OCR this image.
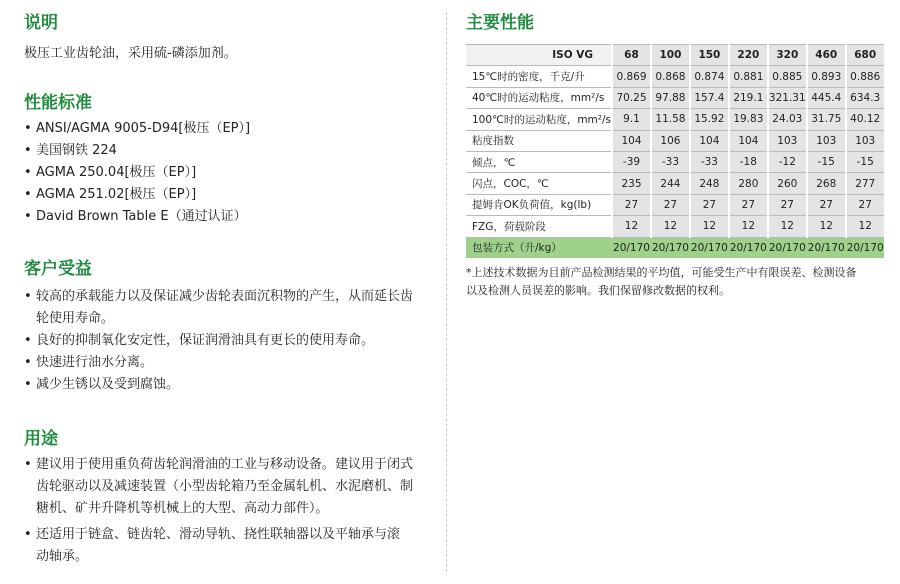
说明
极压工业齿轮油，采用硫-磷添加剂。
性能标准
• ANSI/AGMA 9005-D94[极压（EP）]
• 美国钢铁 224
• AGMA 250.04[极压（EP）]
• AGMA 251.02[极压（EP）]
• David Brown Table E（通过认证）
客户受益
• 较高的承载能力以及保证减少齿轮表面沉积物的产生，从而延长齿
轮使用寿命。
• 良好的抑制氧化安定性，保证润滑油具有更长的使用寿命。
• 快速进行油水分离。
• 减少生锈以及受到腐蚀。
用途
• 建议用于使用重负荷齿轮润滑油的工业与移动设备。建议用于闭式
齿轮驱动以及减速装置（小型齿轮箱乃至金属轧机、水泥磨机、制
糖机、矿井升降机等机械上的大型、高动力部件）。
• 还适用于链盒、链齿轮、滑动导轨、挠性联轴器以及平轴承与滚
动轴承。
主要性能
ISO VG	68	100	150	220	320	460	680
15℃时的密度，千克/升	0.869	0.868	0.874	0.881	0.885	0.893	0.886
40℃时的运动粘度，mm²/s	70.25	97.88	157.4	219.1	321.31	445.4	634.3
100℃时的运动粘度，mm²/s	9.1	11.58	15.92	19.83	24.03	31.75	40.12
粘度指数	104	106	104	104	103	103	103
倾点，℃	-39	-33	-33	-18	-12	-15	-15
闪点，COC，℃	235	244	248	280	260	268	277
提姆肯OK负荷值，kg(lb)	27	27	27	27	27	27	27
FZG，荷载阶段	12	12	12	12	12	12	12
包装方式（升/kg）	20/170	20/170	20/170	20/170	20/170	20/170	20/170
*上述技术数据为目前产品检测结果的平均值，可能受生产中有限误差、检测设备
以及检测人员误差的影响。我们保留修改数据的权利。
